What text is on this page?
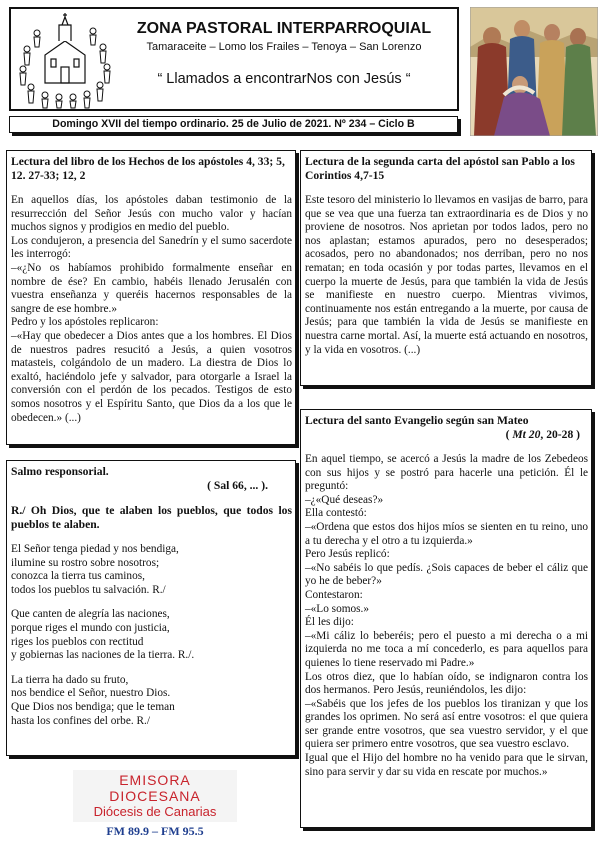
ZONA PASTORAL INTERPARROQUIAL
Tamaraceite – Lomo los Frailes – Tenoya – San Lorenzo
“ Llamados a encontrarNos con Jesús “
Domingo XVII del tiempo ordinario. 25 de Julio de 2021. Nº 234 – Ciclo B

Lectura del libro de los Hechos de los apóstoles 4, 33; 5, 12. 27-33; 12, 2

En aquellos días, los apóstoles daban testimonio de la resurrección del Señor Jesús con mucho valor y hacían muchos signos y prodigios en medio del pueblo.

Los condujeron, a presencia del Sanedrín y el sumo sacerdote les interrogó:

–«¿No os habíamos prohibido formalmente enseñar en nombre de ése? En cambio, habéis llenado Jerusalén con vuestra enseñanza y queréis hacernos responsables de la sangre de ese hombre.»

Pedro y los apóstoles replicaron:

–«Hay que obedecer a Dios antes que a los hombres. El Dios de nuestros padres resucitó a Jesús, a quien vosotros matasteis, colgándolo de un madero. La diestra de Dios lo exaltó, haciéndolo jefe y salvador, para otorgarle a Israel la conversión con el perdón de los pecados. Testigos de esto somos nosotros y el Espíritu Santo, que Dios da a los que le obedecen.» (...)

Salmo responsorial.

( Sal 66, ... ).

R./ Oh Dios, que te alaben los pueblos, que todos los pueblos te alaben.

El Señor tenga piedad y nos bendiga,

ilumine su rostro sobre nosotros;

conozca la tierra tus caminos,

todos los pueblos tu salvación. R./

Que canten de alegría las naciones,

porque riges el mundo con justicia,

riges los pueblos con rectitud

y gobiernas las naciones de la tierra. R./.

La tierra ha dado su fruto,

nos bendice el Señor, nuestro Dios.

Que Dios nos bendiga; que le teman

hasta los confines del orbe. R./

EMISORA
DIOCESANA
Diócesis de Canarias
FM 89.9 – FM 95.5

Lectura de la segunda carta del apóstol san Pablo a los Corintios 4,7-15

Este tesoro del ministerio lo llevamos en vasijas de barro, para que se vea que una fuerza tan extraordinaria es de Dios y no proviene de nosotros. Nos aprietan por todos lados, pero no nos aplastan; estamos apurados, pero no desesperados; acosados, pero no abandonados; nos derriban, pero no nos rematan; en toda ocasión y por todas partes, llevamos en el cuerpo la muerte de Jesús, para que también la vida de Jesús se manifieste en nuestro cuerpo. Mientras vivimos, continuamente nos están entregando a la muerte, por causa de Jesús; para que también la vida de Jesús se manifieste en nuestra carne mortal. Así, la muerte está actuando en nosotros, y la vida en vosotros. (...)

Lectura del santo Evangelio según san Mateo

( Mt 20, 20-28 )

En aquel tiempo, se acercó a Jesús la madre de los Zebedeos con sus hijos y se postró para hacerle una petición. Él le preguntó:

–¿«Qué deseas?»

Ella contestó:

–«Ordena que estos dos hijos míos se sienten en tu reino, uno a tu derecha y el otro a tu izquierda.»

Pero Jesús replicó:

–«No sabéis lo que pedís. ¿Sois capaces de beber el cáliz que yo he de beber?»

Contestaron:

–«Lo somos.»

Él les dijo:

–«Mi cáliz lo beberéis; pero el puesto a mi derecha o a mi izquierda no me toca a mí concederlo, es para aquellos para quienes lo tiene reservado mi Padre.»

Los otros diez, que lo habían oído, se indignaron contra los dos hermanos. Pero Jesús, reuniéndolos, les dijo:

–«Sabéis que los jefes de los pueblos los tiranizan y que los grandes los oprimen. No será así entre vosotros: el que quiera ser grande entre vosotros, que sea vuestro servidor, y el que quiera ser primero entre vosotros, que sea vuestro esclavo.

Igual que el Hijo del hombre no ha venido para que le sirvan, sino para servir y dar su vida en rescate por muchos.»
